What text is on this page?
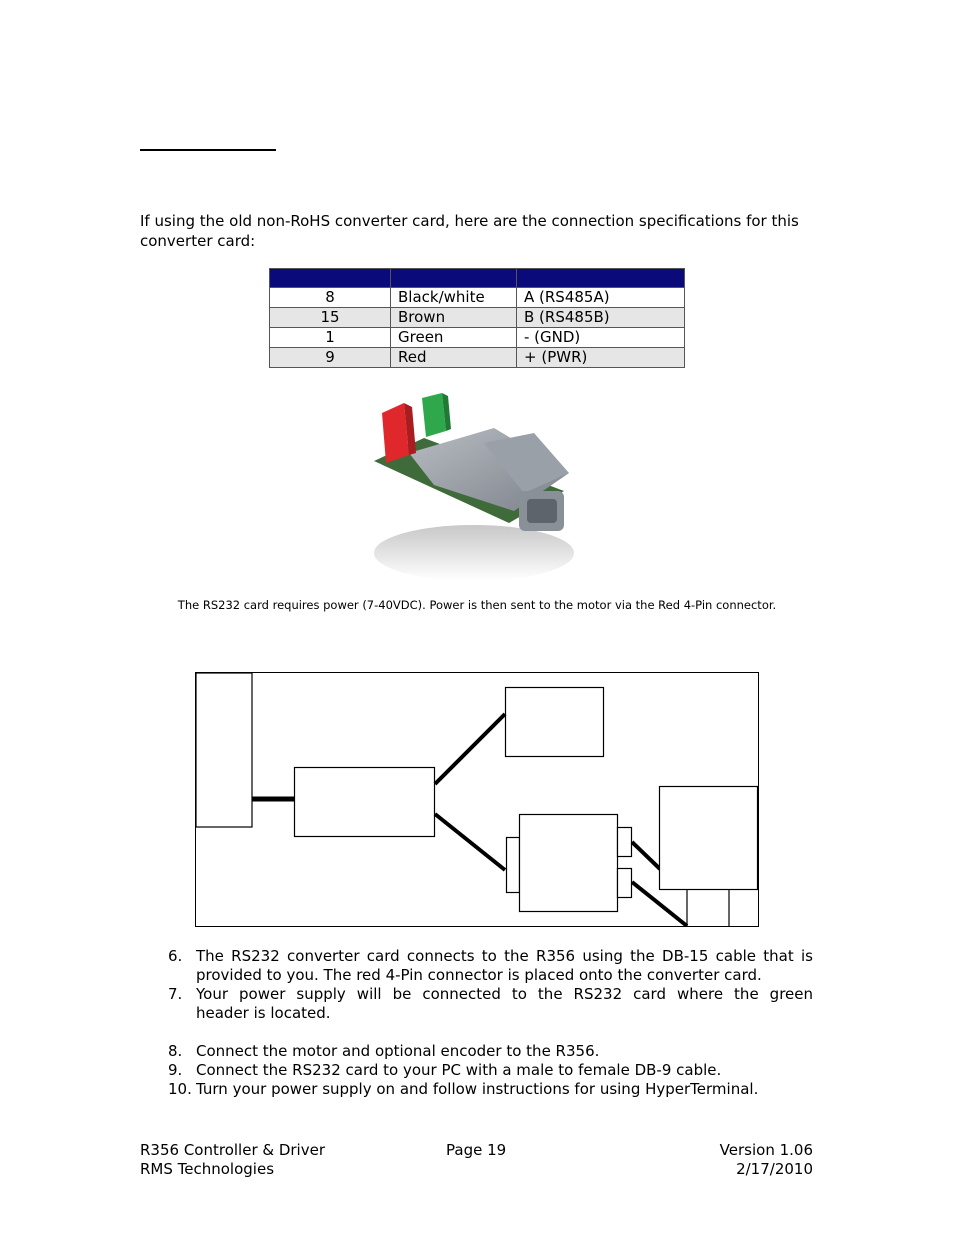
If using the old non-RoHS converter card, here are the connection specifications for this converter card:

8	Black/white	A (RS485A)
15	Brown	B (RS485B)
1	Green	- (GND)
9	Red	+ (PWR)
The RS232 card requires power (7-40VDC). Power is then sent to the motor via the Red 4-Pin connector.
6. The RS232 converter card connects to the R356 using the DB-15 cable that is
provided to you. The red 4-Pin connector is placed onto the converter card.
7. Your power supply will be connected to the RS232 card where the green
header is located.
8. Connect the motor and optional encoder to the R356.
9. Connect the RS232 card to your PC with a male to female DB-9 cable.
10. Turn your power supply on and follow instructions for using HyperTerminal.
R356 Controller & Driver
RMS Technologies
Page 19	Version 1.06
2/17/2010
